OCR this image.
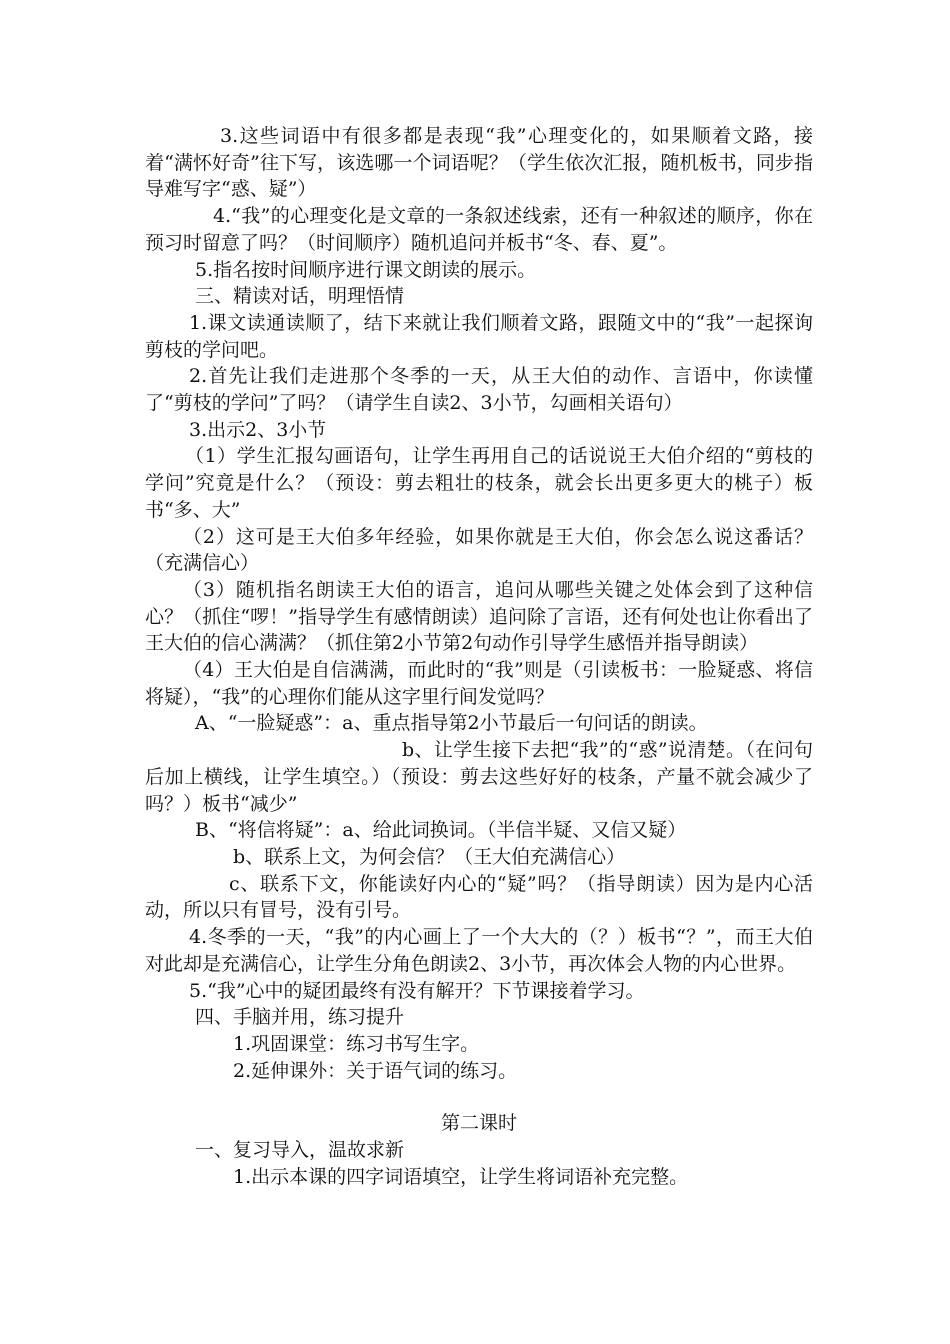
3.这些词语中有很多都是表现“我”心理变化的，如果顺着文路，接着“满怀好奇”往下写，该选哪一个词语呢？（学生依次汇报，随机板书，同步指导难写字“惑、疑”）

4.“我”的心理变化是文章的一条叙述线索，还有一种叙述的顺序，你在预习时留意了吗？（时间顺序）随机追问并板书“冬、春、夏”。

5.指名按时间顺序进行课文朗读的展示。

三、精读对话，明理悟情

1.课文读通读顺了，结下来就让我们顺着文路，跟随文中的“我”一起探询剪枝的学问吧。

2.首先让我们走进那个冬季的一天，从王大伯的动作、言语中，你读懂了“剪枝的学问”了吗？（请学生自读2、3小节，勾画相关语句）

3.出示2、3小节

（1）学生汇报勾画语句，让学生再用自己的话说说王大伯介绍的“剪枝的学问”究竟是什么？（预设：剪去粗壮的枝条，就会长出更多更大的桃子）板书“多、大”

（2）这可是王大伯多年经验，如果你就是王大伯，你会怎么说这番话？（充满信心）

（3）随机指名朗读王大伯的语言，追问从哪些关键之处体会到了这种信心？（抓住“啰！”指导学生有感情朗读）追问除了言语，还有何处也让你看出了王大伯的信心满满？（抓住第2小节第2句动作引导学生感悟并指导朗读）

（4）王大伯是自信满满，而此时的“我”则是（引读板书：一脸疑惑、将信将疑），“我”的心理你们能从这字里行间发觉吗？

A、“一脸疑惑”：a、重点指导第2小节最后一句问话的朗读。

b、让学生接下去把“我”的“惑”说清楚。（在问句后加上横线，让学生填空。）（预设：剪去这些好好的枝条，产量不就会减少了吗？）板书“减少”

B、“将信将疑”：a、给此词换词。（半信半疑、又信又疑）

b、联系上文，为何会信？（王大伯充满信心）

c、联系下文，你能读好内心的“疑”吗？（指导朗读）因为是内心活动，所以只有冒号，没有引号。

4.冬季的一天，“我”的内心画上了一个大大的（？）板书“？”，而王大伯对此却是充满信心，让学生分角色朗读2、3小节，再次体会人物的内心世界。

5.“我”心中的疑团最终有没有解开？下节课接着学习。

四、手脑并用，练习提升

1.巩固课堂：练习书写生字。

2.延伸课外：关于语气词的练习。

第二课时

一、复习导入，温故求新

1.出示本课的四字词语填空，让学生将词语补充完整。
